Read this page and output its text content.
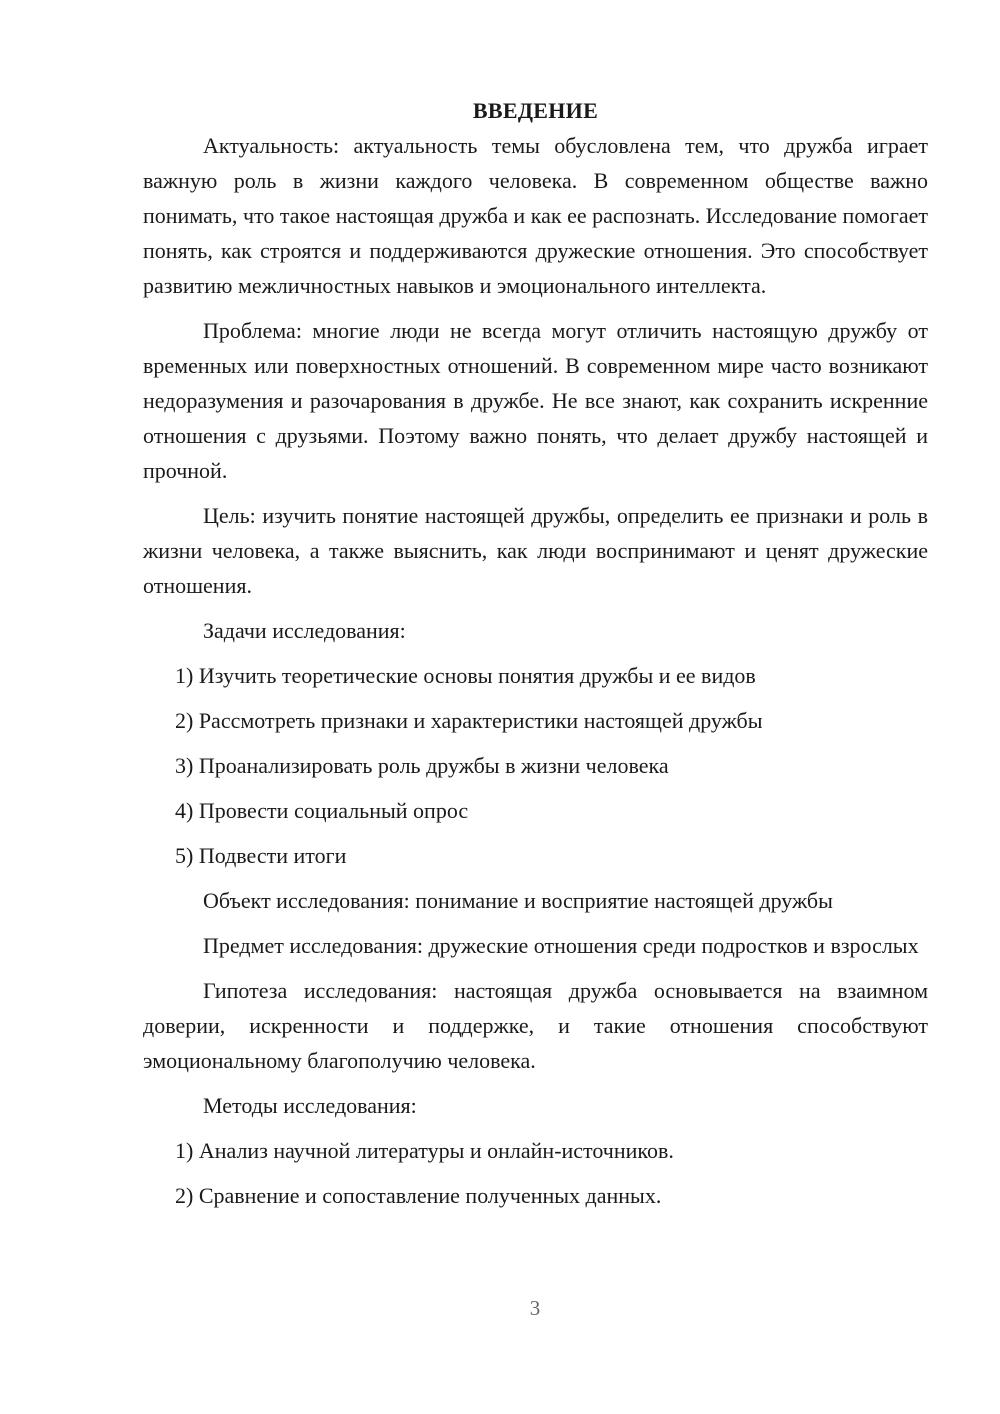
ВВЕДЕНИЕ

Актуальность: актуальность темы обусловлена тем, что дружба играет важную роль в жизни каждого человека. В современном обществе важно понимать, что такое настоящая дружба и как ее распознать. Исследование помогает понять, как строятся и поддерживаются дружеские отношения. Это способствует развитию межличностных навыков и эмоционального интеллекта.

Проблема: многие люди не всегда могут отличить настоящую дружбу от временных или поверхностных отношений. В современном мире часто возникают недоразумения и разочарования в дружбе. Не все знают, как сохранить искренние отношения с друзьями. Поэтому важно понять, что делает дружбу настоящей и прочной.

Цель: изучить понятие настоящей дружбы, определить ее признаки и роль в жизни человека, а также выяснить, как люди воспринимают и ценят дружеские отношения.

Задачи исследования:

1) Изучить теоретические основы понятия дружбы и ее видов

2) Рассмотреть признаки и характеристики настоящей дружбы

3) Проанализировать роль дружбы в жизни человека

4) Провести социальный опрос

5) Подвести итоги

Объект исследования: понимание и восприятие настоящей дружбы

Предмет исследования: дружеские отношения среди подростков и взрослых

Гипотеза исследования: настоящая дружба основывается на взаимном доверии, искренности и поддержке, и такие отношения способствуют эмоциональному благополучию человека.

Методы исследования:

1) Анализ научной литературы и онлайн-источников.

2) Сравнение и сопоставление полученных данных.

3
